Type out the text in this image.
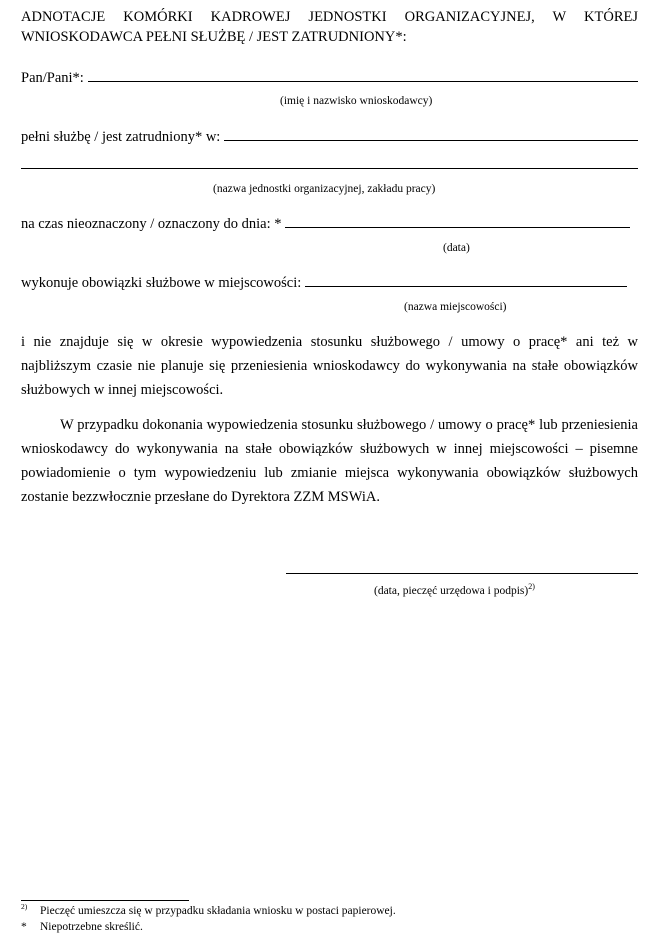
ADNOTACJE KOMÓRKI KADROWEJ JEDNOSTKI ORGANIZACYJNEJ, W KTÓREJ
WNIOSKODAWCA PEŁNI SŁUŻBĘ / JEST ZATRUDNIONY*:
Pan/Pani*:
(imię i nazwisko wnioskodawcy)
pełni służbę / jest zatrudniony* w:
(nazwa jednostki organizacyjnej, zakładu pracy)
na czas nieoznaczony / oznaczony do dnia: *
(data)
wykonuje obowiązki służbowe w miejscowości:
(nazwa miejscowości)
i nie znajduje się w okresie wypowiedzenia stosunku służbowego / umowy o pracę* ani też w najbliższym czasie nie planuje się przeniesienia wnioskodawcy do wykonywania na stałe obowiązków służbowych w innej miejscowości.
W przypadku dokonania wypowiedzenia stosunku służbowego / umowy o pracę* lub przeniesienia wnioskodawcy do wykonywania na stałe obowiązków służbowych w innej miejscowości – pisemne powiadomienie o tym wypowiedzeniu lub zmianie miejsca wykonywania obowiązków służbowych zostanie bezzwłocznie przesłane do Dyrektora ZZM MSWiA.
(data, pieczęć urzędowa i podpis)$^{2)}$
$^{2)}$	Pieczęć umieszcza się w przypadku składania wniosku w postaci papierowej.
*	Niepotrzebne skreślić.
